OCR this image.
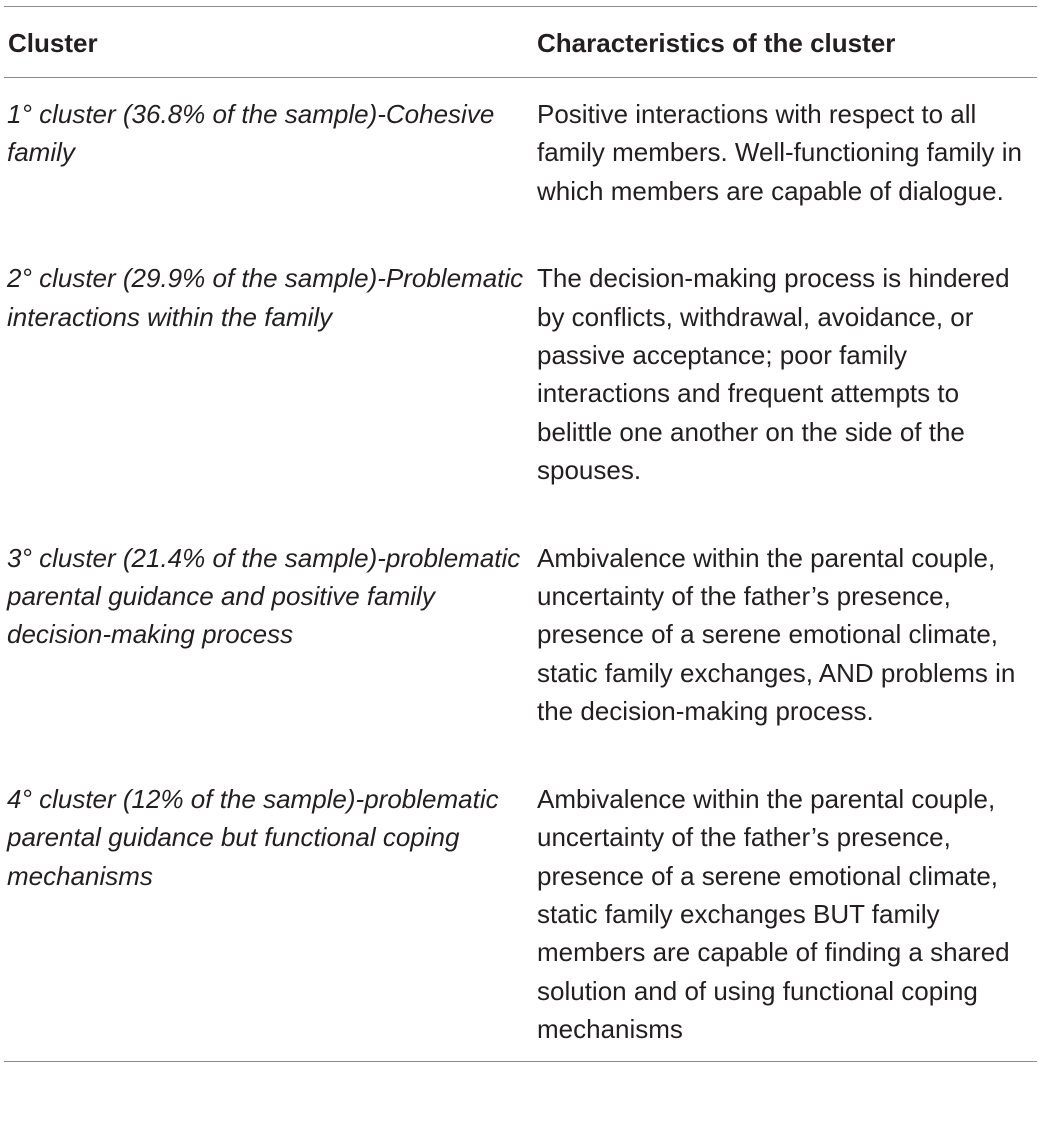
Cluster	Characteristics of the cluster
1° cluster (36.8% of the sample)-Cohesive family	Positive interactions with respect to all family members. Well-functioning family in which members are capable of dialogue.
2° cluster (29.9% of the sample)-Problematic interactions within the family	The decision-making process is hindered by conflicts, withdrawal, avoidance, or passive acceptance; poor family interactions and frequent attempts to belittle one another on the side of the spouses.
3° cluster (21.4% of the sample)-problematic parental guidance and positive family decision-making process	Ambivalence within the parental couple, uncertainty of the father’s presence, presence of a serene emotional climate, static family exchanges, AND problems in the decision-making process.
4° cluster (12% of the sample)-problematic parental guidance but functional coping mechanisms	Ambivalence within the parental couple, uncertainty of the father’s presence, presence of a serene emotional climate, static family exchanges BUT family members are capable of finding a shared solution and of using functional coping mechanisms
